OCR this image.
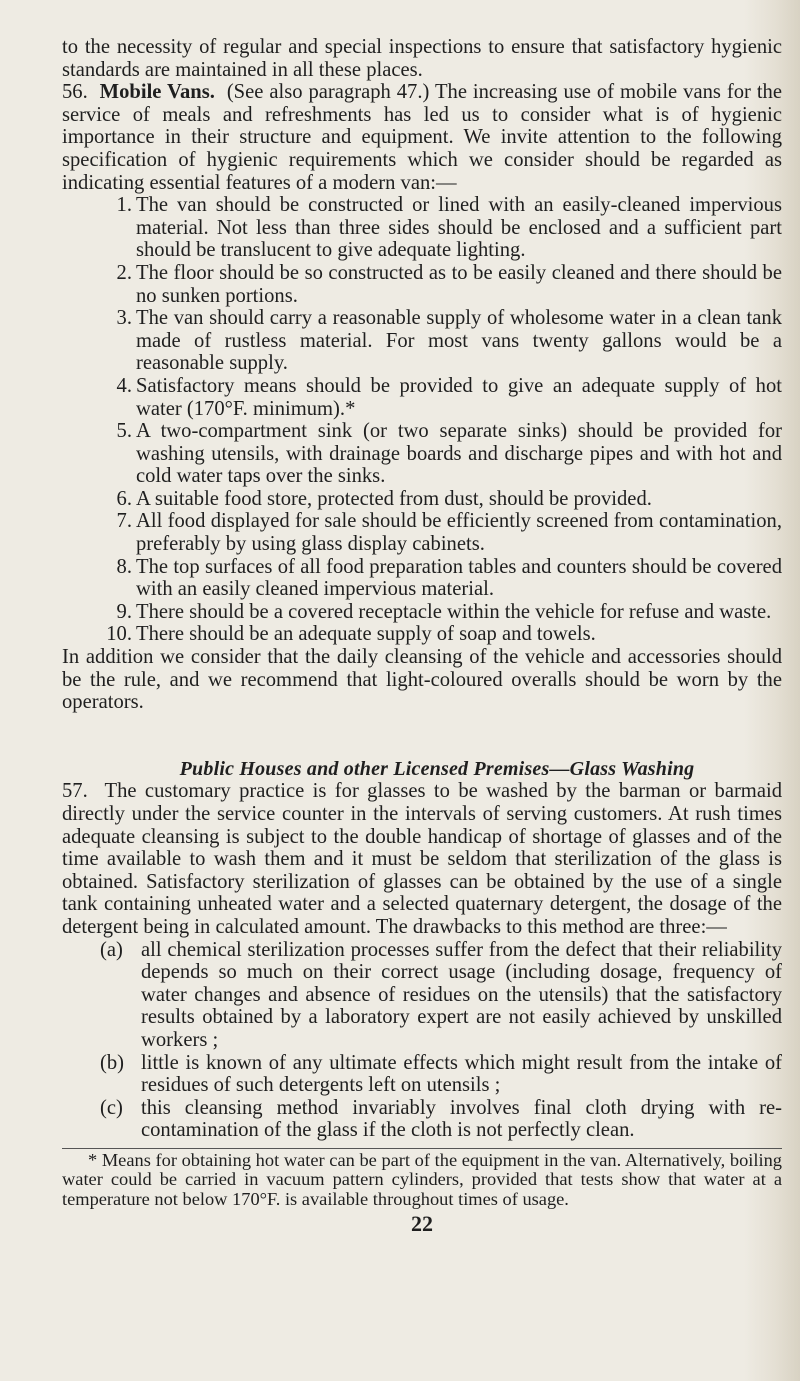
to the necessity of regular and special inspections to ensure that satisfactory hygienic standards are maintained in all these places.

56. Mobile Vans. (See also paragraph 47.) The increasing use of mobile vans for the service of meals and refreshments has led us to consider what is of hygienic importance in their structure and equipment. We invite attention to the following specification of hygienic requirements which we consider should be regarded as indicating essential features of a modern van:—

1. The van should be constructed or lined with an easily-cleaned impervious material. Not less than three sides should be enclosed and a sufficient part should be translucent to give adequate lighting.
2. The floor should be so constructed as to be easily cleaned and there should be no sunken portions.
3. The van should carry a reasonable supply of wholesome water in a clean tank made of rustless material. For most vans twenty gallons would be a reasonable supply.
4. Satisfactory means should be provided to give an adequate supply of hot water (170°F. minimum).*
5. A two-compartment sink (or two separate sinks) should be provided for washing utensils, with drainage boards and discharge pipes and with hot and cold water taps over the sinks.
6. A suitable food store, protected from dust, should be provided.
7. All food displayed for sale should be efficiently screened from contamination, preferably by using glass display cabinets.
8. The top surfaces of all food preparation tables and counters should be covered with an easily cleaned impervious material.
9. There should be a covered receptacle within the vehicle for refuse and waste.
10. There should be an adequate supply of soap and towels.

In addition we consider that the daily cleansing of the vehicle and accessories should be the rule, and we recommend that light-coloured overalls should be worn by the operators.

Public Houses and other Licensed Premises—Glass Washing

57. The customary practice is for glasses to be washed by the barman or barmaid directly under the service counter in the intervals of serving customers. At rush times adequate cleansing is subject to the double handicap of shortage of glasses and of the time available to wash them and it must be seldom that sterilization of the glass is obtained. Satisfactory sterilization of glasses can be obtained by the use of a single tank containing unheated water and a selected quaternary detergent, the dosage of the detergent being in calculated amount. The drawbacks to this method are three:—

(a) all chemical sterilization processes suffer from the defect that their reliability depends so much on their correct usage (including dosage, frequency of water changes and absence of residues on the utensils) that the satisfactory results obtained by a laboratory expert are not easily achieved by unskilled workers ;
(b) little is known of any ultimate effects which might result from the intake of residues of such detergents left on utensils ;
(c) this cleansing method invariably involves final cloth drying with re-contamination of the glass if the cloth is not perfectly clean.

* Means for obtaining hot water can be part of the equipment in the van. Alternatively, boiling water could be carried in vacuum pattern cylinders, provided that tests show that water at a temperature not below 170°F. is available throughout times of usage.

22
